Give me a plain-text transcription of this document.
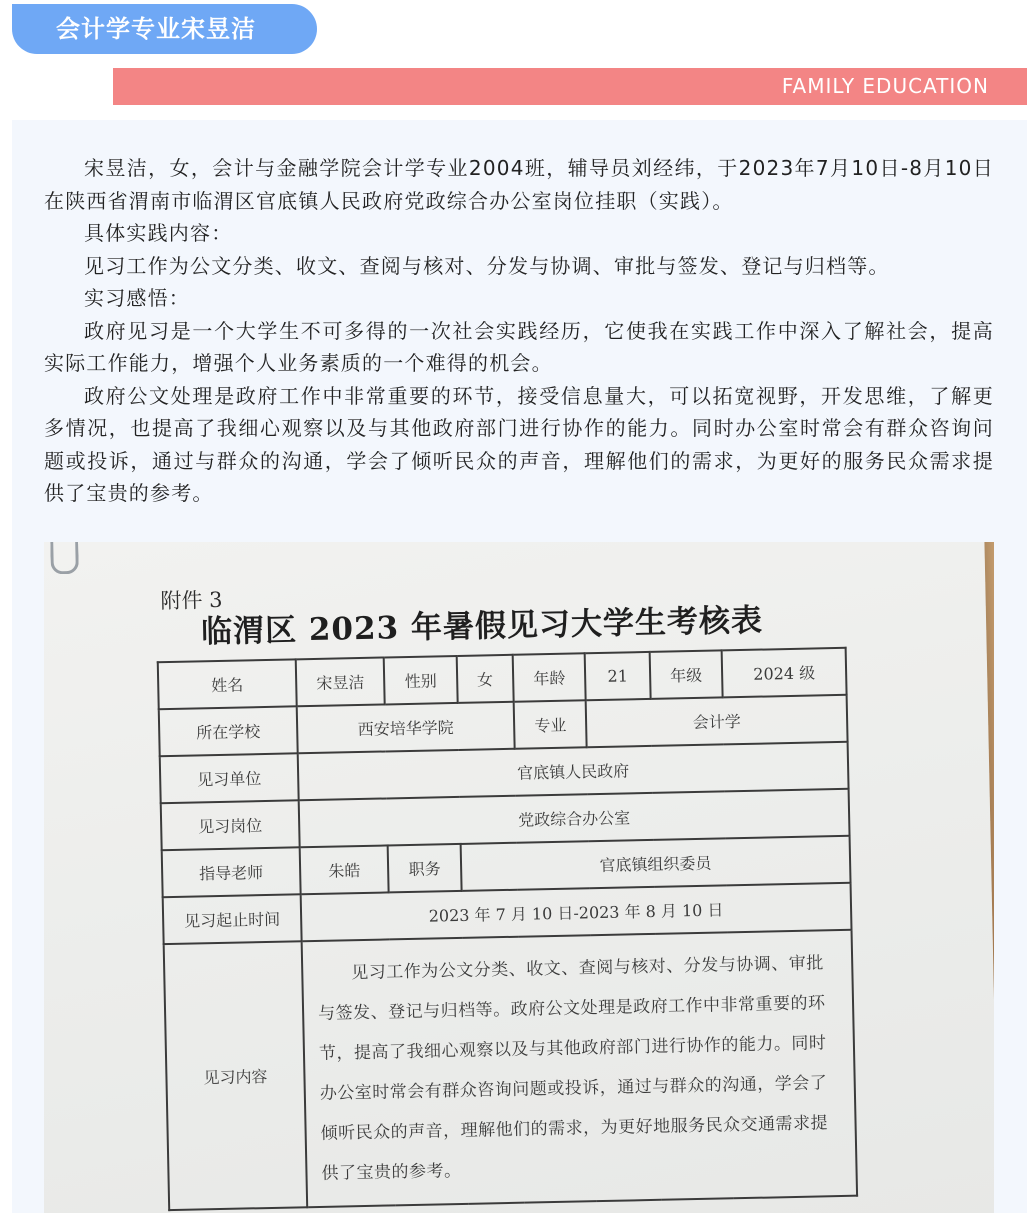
会计学专业宋昱洁
FAMILY EDUCATION

宋昱洁，女，会计与金融学院会计学专业2004班，辅导员刘经纬，于2023年7月10日-8月10日在陕西省渭南市临渭区官底镇人民政府党政综合办公室岗位挂职（实践）。

具体实践内容：

见习工作为公文分类、收文、查阅与核对、分发与协调、审批与签发、登记与归档等。

实习感悟：

政府见习是一个大学生不可多得的一次社会实践经历，它使我在实践工作中深入了解社会，提高实际工作能力，增强个人业务素质的一个难得的机会。

政府公文处理是政府工作中非常重要的环节，接受信息量大，可以拓宽视野，开发思维，了解更多情况，也提高了我细心观察以及与其他政府部门进行协作的能力。同时办公室时常会有群众咨询问题或投诉，通过与群众的沟通，学会了倾听民众的声音，理解他们的需求，为更好的服务民众需求提供了宝贵的参考。

附件 3
临渭区 2023 年暑假见习大学生考核表
姓名	宋昱洁	性别	女	年龄	21	年级	2024 级
所在学校	西安培华学院			专业	会计学		
见习单位	官底镇人民政府						
见习岗位	党政综合办公室						
指导老师	朱皓	职务	官底镇组织委员				
见习起止时间	2023 年 7 月 10 日-2023 年 8 月 10 日						
见习内容	见习工作为公文分类、收文、查阅与核对、分发与协调、审批与签发、登记与归档等。政府公文处理是政府工作中非常重要的环节，提高了我细心观察以及与其他政府部门进行协作的能力。同时办公室时常会有群众咨询问题或投诉，通过与群众的沟通，学会了倾听民众的声音，理解他们的需求，为更好地服务民众交通需求提供了宝贵的参考。						
